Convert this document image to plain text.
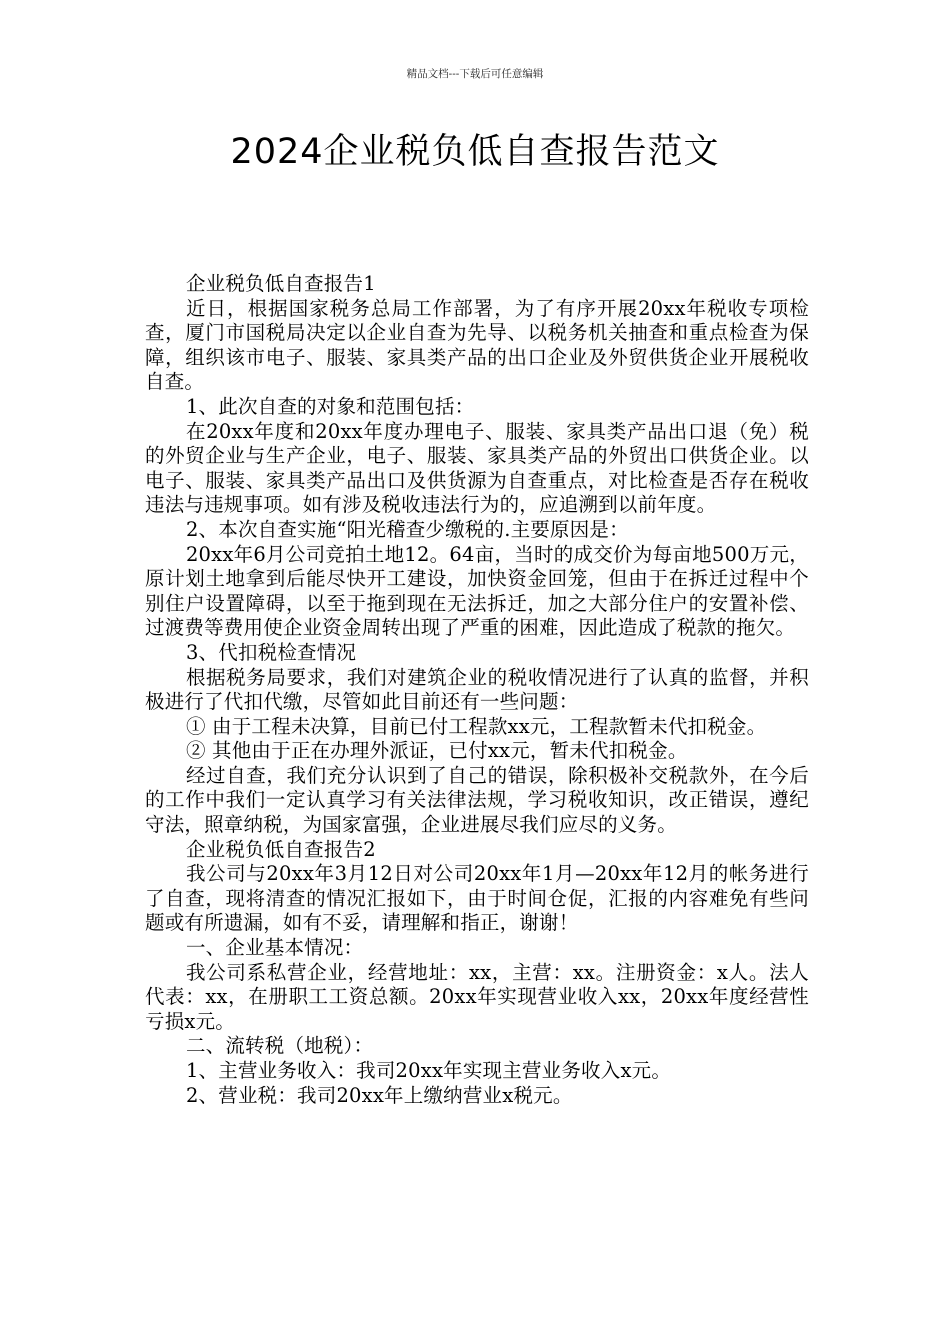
精品文档---下载后可任意编辑
2024企业税负低自查报告范文

企业税负低自查报告1

近日，根据国家税务总局工作部署，为了有序开展20xx年税收专项检查，厦门市国税局决定以企业自查为先导、以税务机关抽查和重点检查为保障，组织该市电子、服装、家具类产品的出口企业及外贸供货企业开展税收自查。

1、此次自查的对象和范围包括：

在20xx年度和20xx年度办理电子、服装、家具类产品出口退（免）税的外贸企业与生产企业，电子、服装、家具类产品的外贸出口供货企业。以电子、服装、家具类产品出口及供货源为自查重点，对比检查是否存在税收违法与违规事项。如有涉及税收违法行为的，应追溯到以前年度。

2、本次自查实施“阳光稽查少缴税的.主要原因是：

20xx年6月公司竞拍土地12。64亩，当时的成交价为每亩地500万元，原计划土地拿到后能尽快开工建设，加快资金回笼，但由于在拆迁过程中个别住户设置障碍，以至于拖到现在无法拆迁，加之大部分住户的安置补偿、过渡费等费用使企业资金周转出现了严重的困难，因此造成了税款的拖欠。

3、代扣税检查情况

根据税务局要求，我们对建筑企业的税收情况进行了认真的监督，并积极进行了代扣代缴，尽管如此目前还有一些问题：

① 由于工程未决算，目前已付工程款xx元，工程款暂未代扣税金。

② 其他由于正在办理外派证，已付xx元，暂未代扣税金。

经过自查，我们充分认识到了自己的错误，除积极补交税款外，在今后的工作中我们一定认真学习有关法律法规，学习税收知识，改正错误，遵纪守法，照章纳税，为国家富强，企业进展尽我们应尽的义务。

企业税负低自查报告2

我公司与20xx年3月12日对公司20xx年1月—20xx年12月的帐务进行了自查，现将清查的情况汇报如下，由于时间仓促，汇报的内容难免有些问题或有所遗漏，如有不妥，请理解和指正，谢谢！

一、企业基本情况：

我公司系私营企业，经营地址：xx，主营：xx。注册资金：x人。法人代表：xx，在册职工工资总额。20xx年实现营业收入xx，20xx年度经营性亏损x元。

二、流转税（地税）：

1、主营业务收入：我司20xx年实现主营业务收入x元。

2、营业税：我司20xx年上缴纳营业x税元。
